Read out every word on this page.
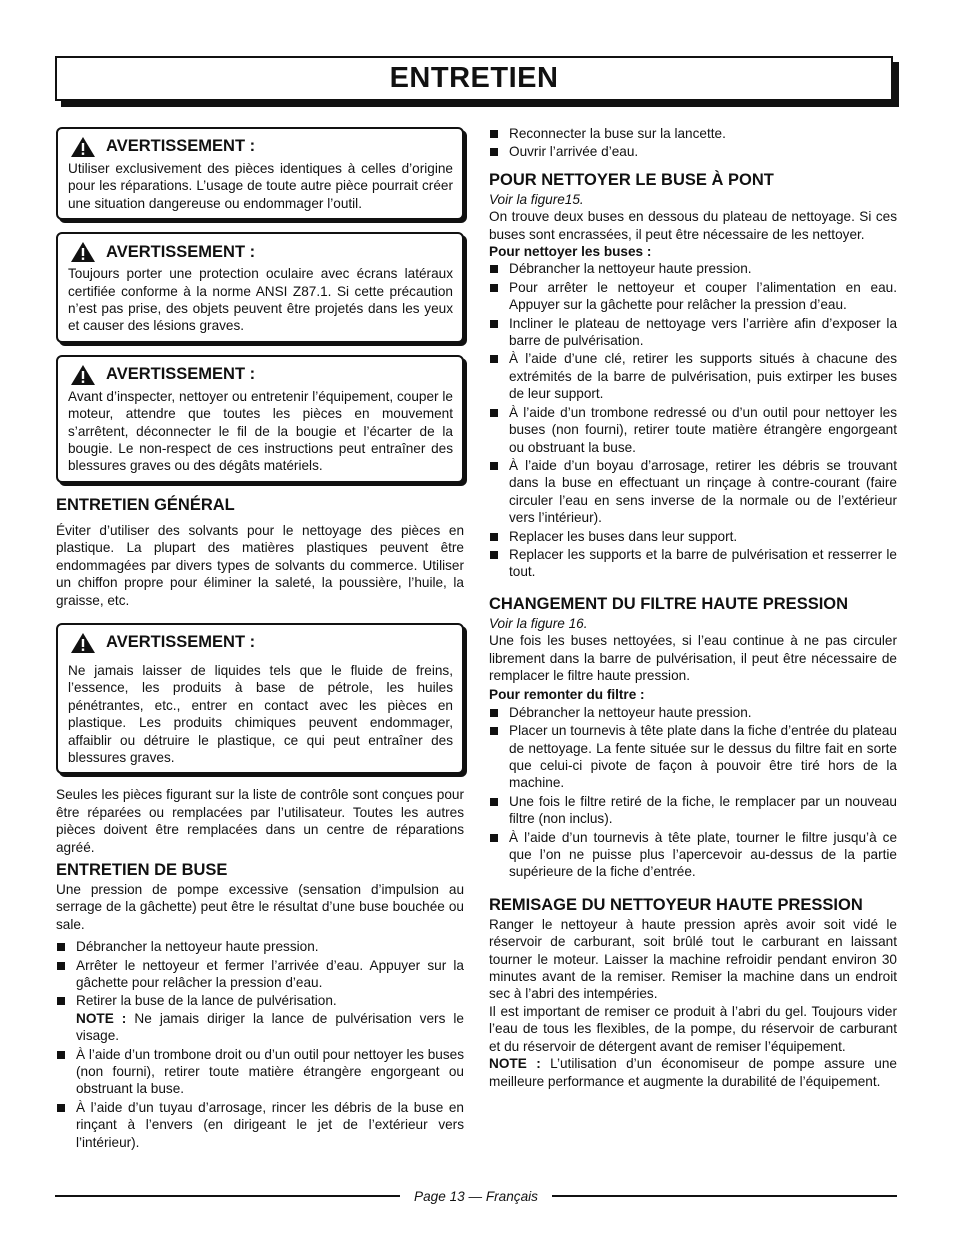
ENTRETIEN
AVERTISSEMENT :

Utiliser exclusivement des pièces identiques à celles d’origine pour les réparations. L’usage de toute autre pièce pourrait créer une situation dangereuse ou endommager l’outil.

AVERTISSEMENT :

Toujours porter une protection oculaire avec écrans latéraux certifiée conforme à la norme ANSI Z87.1. Si cette précaution n’est pas prise, des objets peuvent être projetés dans les yeux et causer des lésions graves.

AVERTISSEMENT :

Avant d’inspecter, nettoyer ou entretenir l’équipement, couper le moteur, attendre que toutes les pièces en mouvement s’arrêtent, déconnecter le fil de la bougie et l’écarter de la bougie. Le non-respect de ces instructions peut entraîner des blessures graves ou des dégâts matériels.

ENTRETIEN GÉNÉRAL

Éviter d’utiliser des solvants pour le nettoyage des pièces en plastique. La plupart des matières plastiques peuvent être endommagées par divers types de solvants du commerce. Utiliser un chiffon propre pour éliminer la saleté, la poussière, l’huile, la graisse, etc.

AVERTISSEMENT :

Ne jamais laisser de liquides tels que le fluide de freins, l’essence, les produits à base de pétrole, les huiles pénétrantes, etc., entrer en contact avec les pièces en plastique. Les produits chimiques peuvent endommager, affaiblir ou détruire le plastique, ce qui peut entraîner des blessures graves.

Seules les pièces figurant sur la liste de contrôle sont conçues pour être réparées ou remplacées par l’utilisateur. Toutes les autres pièces doivent être remplacées dans un centre de réparations agréé.

ENTRETIEN DE BUSE

Une pression de pompe excessive (sensation d’impulsion au serrage de la gâchette) peut être le résultat d’une buse bouchée ou sale.

Débrancher la nettoyeur haute pression.
Arrêter le nettoyeur et fermer l’arrivée d’eau. Appuyer sur la gâchette pour relâcher la pression d’eau.
Retirer la buse de la lance de pulvérisation.
NOTE : Ne jamais diriger la lance de pulvérisation vers le visage.
À l’aide d’un trombone droit ou d’un outil pour nettoyer les buses (non fourni), retirer toute matière étrangère engorgeant ou obstruant la buse.
À l’aide d’un tuyau d’arrosage, rincer les débris de la buse en rinçant à l’envers (en dirigeant le jet de l’extérieur vers l’intérieur).
Reconnecter la buse sur la lancette.
Ouvrir l’arrivée d’eau.
POUR NETTOYER LE BUSE À PONT

Voir la figure15.

On trouve deux buses en dessous du plateau de nettoyage. Si ces buses sont encrassées, il peut être nécessaire de les nettoyer.

Pour nettoyer les buses :

Débrancher la nettoyeur haute pression.
Pour arrêter le nettoyeur et couper l’alimentation en eau. Appuyer sur la gâchette pour relâcher la pression d’eau.
Incliner le plateau de nettoyage vers l’arrière afin d’exposer la barre de pulvérisation.
À l’aide d’une clé, retirer les supports situés à chacune des extrémités de la barre de pulvérisation, puis extirper les buses de leur support.
À l’aide d’un trombone redressé ou d’un outil pour nettoyer les buses (non fourni), retirer toute matière étrangère engorgeant ou obstruant la buse.
À l’aide d’un boyau d’arrosage, retirer les débris se trouvant dans la buse en effectuant un rinçage à contre-courant (faire circuler l’eau en sens inverse de la normale ou de l’extérieur vers l’intérieur).
Replacer les buses dans leur support.
Replacer les supports et la barre de pulvérisation et resserrer le tout.
CHANGEMENT DU FILTRE HAUTE PRESSION

Voir la figure 16.

Une fois les buses nettoyées, si l’eau continue à ne pas circuler librement dans la barre de pulvérisation, il peut être nécessaire de remplacer le filtre haute pression.

Pour remonter du filtre :

Débrancher la nettoyeur haute pression.
Placer un tournevis à tête plate dans la fiche d’entrée du plateau de nettoyage. La fente située sur le dessus du filtre fait en sorte que celui-ci pivote de façon à pouvoir être tiré hors de la machine.
Une fois le filtre retiré de la fiche, le remplacer par un nouveau filtre (non inclus).
À l’aide d’un tournevis à tête plate, tourner le filtre jusqu’à ce que l’on ne puisse plus l’apercevoir au-dessus de la partie supérieure de la fiche d’entrée.
REMISAGE DU NETTOYEUR HAUTE PRESSION

Ranger le nettoyeur à haute pression après avoir soit vidé le réservoir de carburant, soit brûlé tout le carburant en laissant tourner le moteur. Laisser la machine refroidir pendant environ 30 minutes avant de la remiser. Remiser la machine dans un endroit sec à l’abri des intempéries.

Il est important de remiser ce produit à l’abri du gel. Toujours vider l’eau de tous les flexibles, de la pompe, du réservoir de carburant et du réservoir de détergent avant de remiser l’équipement.

NOTE : L’utilisation d’un économiseur de pompe assure une meilleure performance et augmente la durabilité de l’équipement.

Page 13 — Français
